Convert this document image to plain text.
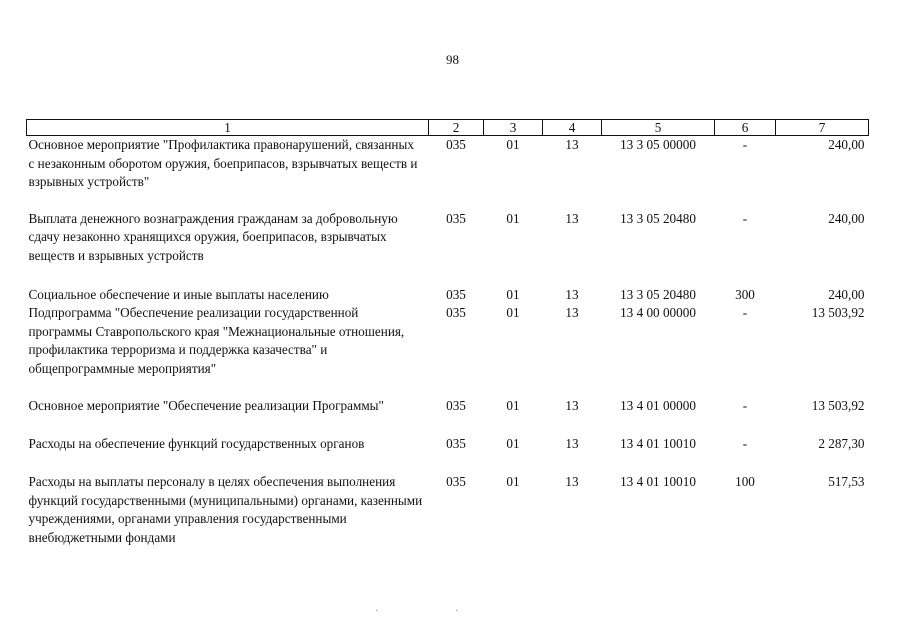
98
1	2	3	4	5	6	7
Основное мероприятие "Профилактика правонарушений, связанных с незаконным оборотом оружия, боеприпасов, взрывчатых веществ и взрывных устройств"	035	01	13	13 3 05 00000	-	240,00
Выплата денежного вознаграждения гражданам за добровольную сдачу незаконно хранящихся оружия, боеприпасов, взрывчатых веществ и взрывных устройств	035	01	13	13 3 05 20480	-	240,00
Социальное обеспечение и иные выплаты населению	035	01	13	13 3 05 20480	300	240,00
Подпрограмма "Обеспечение реализации государственной программы Ставропольского края "Межнациональные отношения, профилактика терроризма и поддержка казачества" и общепрограммные мероприятия"	035	01	13	13 4 00 00000	-	13 503,92
Основное мероприятие "Обеспечение реализации Программы"	035	01	13	13 4 01 00000	-	13 503,92
Расходы на обеспечение функций государственных органов	035	01	13	13 4 01 10010	-	2 287,30
Расходы на выплаты персоналу в целях обеспечения выполнения функций государственными (муниципальными) органами, казенными учреждениями, органами управления государственными внебюджетными фондами	035	01	13	13 4 01 10010	100	517,53
·	·
